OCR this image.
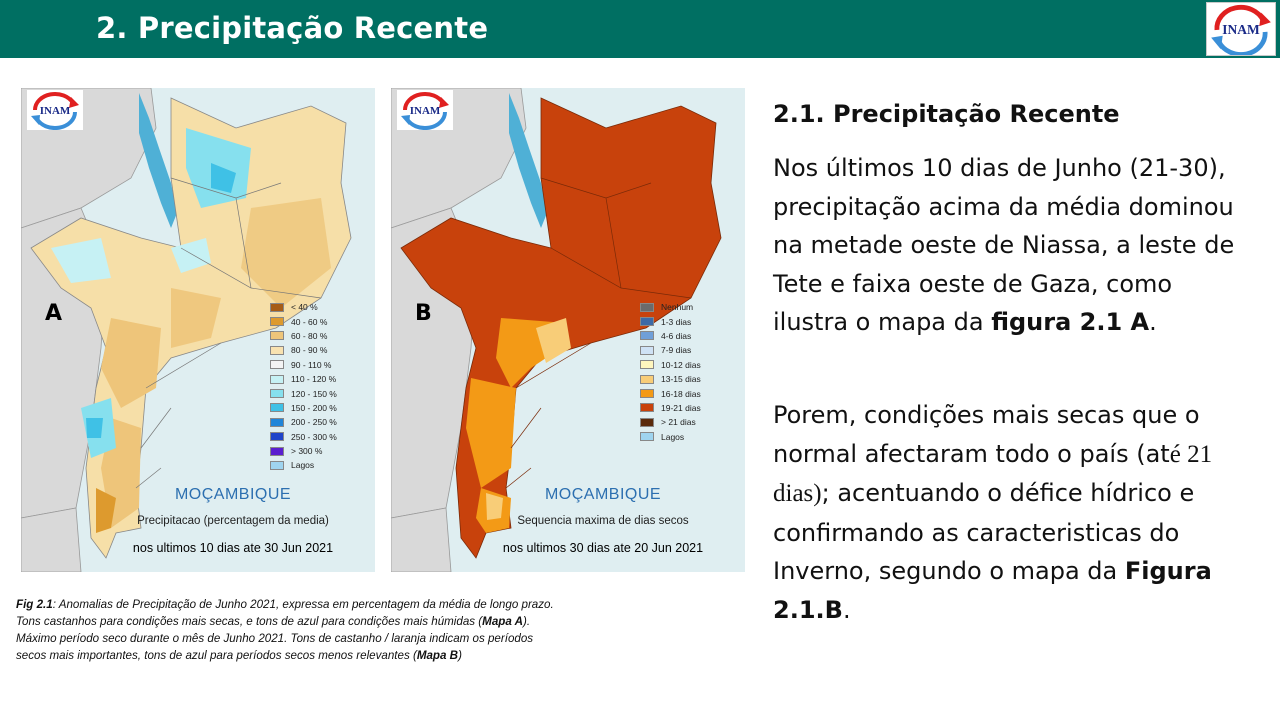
2. Precipitação Recente	INAM
INAM
A	< 40 %
40 - 60 %
60 - 80 %
80 - 90 %
90 - 110 %
110 - 120 %
120 - 150 %
150 - 200 %
200 - 250 %
250 - 300 %
> 300 %
Lagos
MOÇAMBIQUE
Precipitacao (percentagem da media)
nos ultimos 10 dias ate 30 Jun 2021
INAM
B	Nenhum
1-3 dias
4-6 dias
7-9 dias
10-12 dias
13-15 dias
16-18 dias
19-21 dias
> 21 dias
Lagos
MOÇAMBIQUE
Sequencia maxima de dias secos
nos ultimos 30 dias ate 20 Jun 2021
Fig 2.1: Anomalias de Precipitação de Junho 2021, expressa em percentagem da média de longo prazo.
Tons castanhos para condições mais secas, e tons de azul para condições mais húmidas (Mapa A).
Máximo período seco durante o mês de Junho 2021. Tons de castanho / laranja indicam os períodos
secos mais importantes, tons de azul para períodos secos menos relevantes (Mapa B)
2.1. Precipitação Recente
Nos últimos 10 dias de Junho (21-30), precipitação acima da média dominou na metade oeste de Niassa, a leste de Tete e faixa oeste de Gaza, como ilustra o mapa da figura 2.1 A.
Porem, condições mais secas que o normal afectaram todo o país (até 21 dias); acentuando o défice hídrico e confirmando as caracteristicas do Inverno, segundo o mapa da Figura 2.1.B.
